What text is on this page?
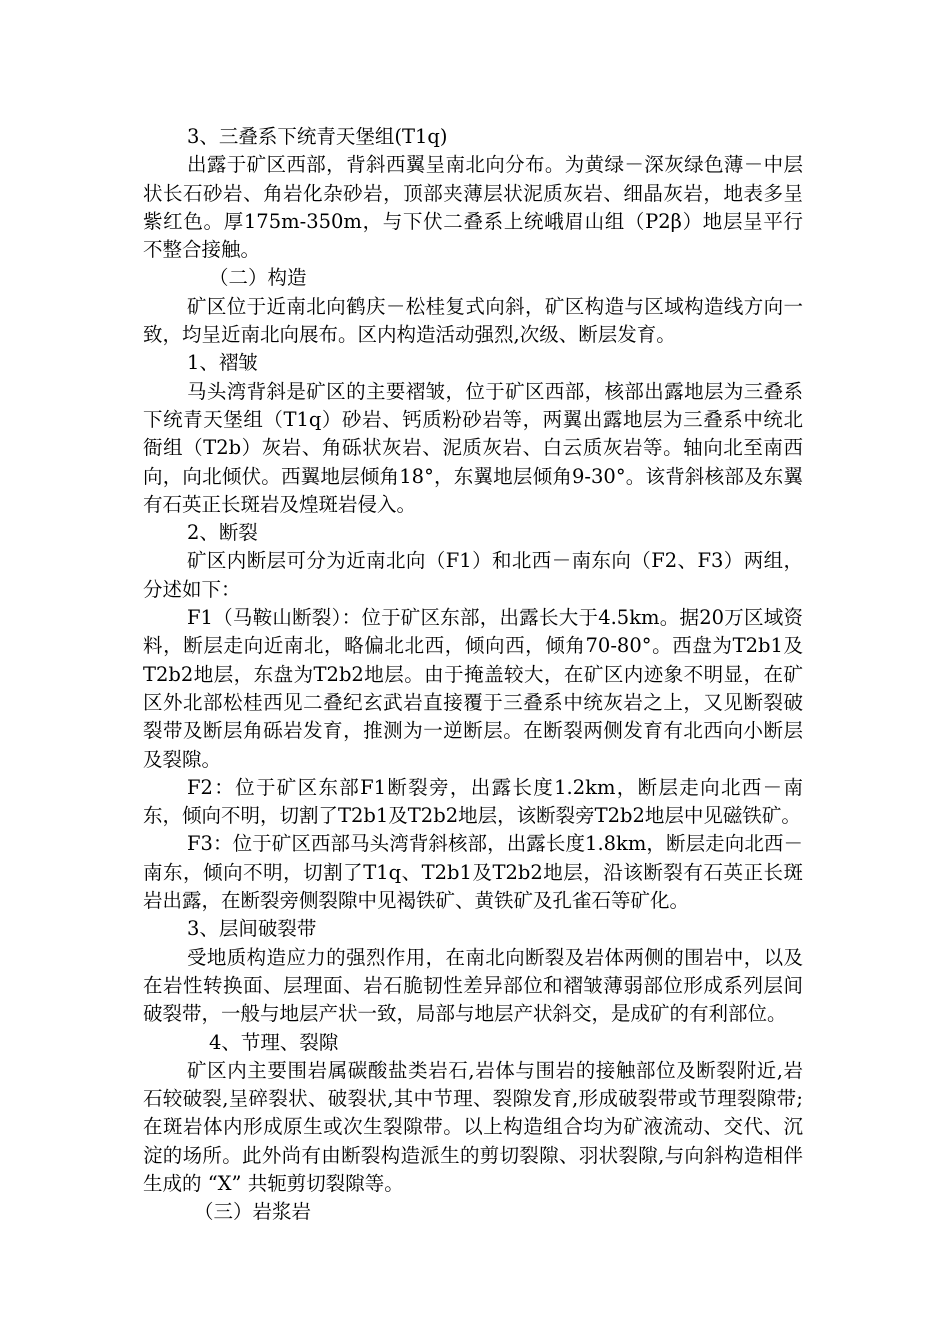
3、三叠系下统青天堡组(T1q)

出露于矿区西部，背斜西翼呈南北向分布。为黄绿－深灰绿色薄－中层状长石砂岩、角岩化杂砂岩，顶部夹薄层状泥质灰岩、细晶灰岩，地表多呈紫红色。厚175m-350m，与下伏二叠系上统峨眉山组（P2β）地层呈平行不整合接触。

（二）构造

矿区位于近南北向鹤庆－松桂复式向斜，矿区构造与区域构造线方向一致，均呈近南北向展布。区内构造活动强烈,次级、断层发育。

1、褶皱

马头湾背斜是矿区的主要褶皱，位于矿区西部，核部出露地层为三叠系下统青天堡组（T1q）砂岩、钙质粉砂岩等，两翼出露地层为三叠系中统北衙组（T2b）灰岩、角砾状灰岩、泥质灰岩、白云质灰岩等。轴向北至南西向，向北倾伏。西翼地层倾角18°，东翼地层倾角9-30°。该背斜核部及东翼有石英正长斑岩及煌斑岩侵入。

2、断裂

矿区内断层可分为近南北向（F1）和北西－南东向（F2、F3）两组，分述如下：

F1（马鞍山断裂）：位于矿区东部，出露长大于4.5km。据20万区域资料，断层走向近南北，略偏北北西，倾向西，倾角70-80°。西盘为T2b1及T2b2地层，东盘为T2b2地层。由于掩盖较大，在矿区内迹象不明显，在矿区外北部松桂西见二叠纪玄武岩直接覆于三叠系中统灰岩之上，又见断裂破裂带及断层角砾岩发育，推测为一逆断层。在断裂两侧发育有北西向小断层及裂隙。

F2：位于矿区东部F1断裂旁，出露长度1.2km，断层走向北西－南东，倾向不明，切割了T2b1及T2b2地层，该断裂旁T2b2地层中见磁铁矿。

F3：位于矿区西部马头湾背斜核部，出露长度1.8km，断层走向北西－南东，倾向不明，切割了T1q、T2b1及T2b2地层，沿该断裂有石英正长斑岩出露，在断裂旁侧裂隙中见褐铁矿、黄铁矿及孔雀石等矿化。

3、层间破裂带

受地质构造应力的强烈作用，在南北向断裂及岩体两侧的围岩中，以及在岩性转换面、层理面、岩石脆韧性差异部位和褶皱薄弱部位形成系列层间破裂带，一般与地层产状一致，局部与地层产状斜交，是成矿的有利部位。

4、节理、裂隙

矿区内主要围岩属碳酸盐类岩石,岩体与围岩的接触部位及断裂附近,岩石较破裂,呈碎裂状、破裂状,其中节理、裂隙发育,形成破裂带或节理裂隙带;在斑岩体内形成原生或次生裂隙带。以上构造组合均为矿液流动、交代、沉淀的场所。此外尚有由断裂构造派生的剪切裂隙、羽状裂隙,与向斜构造相伴生成的 “X” 共轭剪切裂隙等。

（三）岩浆岩
